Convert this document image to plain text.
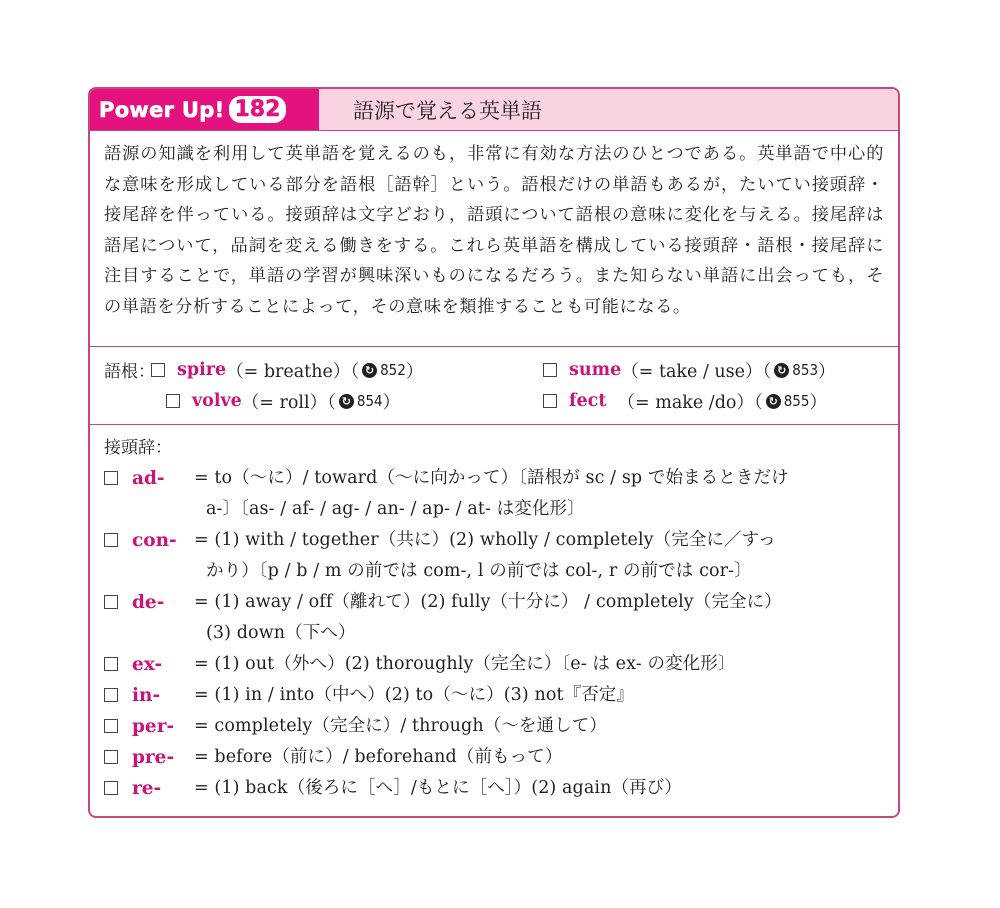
Power Up! 182	語源で覚える英単語
語源の知識を利用して英単語を覚えるのも，非常に有効な方法のひとつである。英単語で中心的な意味を形成している部分を語根［語幹］という。語根だけの単語もあるが，たいてい接頭辞・接尾辞を伴っている。接頭辞は文字どおり，語頭について語根の意味に変化を与える。接尾辞は語尾について，品詞を変える働きをする。これら英単語を構成している接頭辞・語根・接尾辞に注目することで，単語の学習が興味深いものになるだろう。また知らない単語に出会っても，その単語を分析することによって，その意味を類推することも可能になる。
語根： spire （= breathe）（ ↻ 852 ）	sume （= take / use）（ ↻ 853 ）
volve （= roll）（ ↻ 854 ）	fect （= make /do）（ ↻ 855 ）
接頭辞：
ad-	= to（～に）/ toward（～に向かって）〔語根が sc / sp で始まるときだけ
a-〕〔as- / af- / ag- / an- / ap- / at- は変化形〕
con- = (1) with / together（共に）(2) wholly / completely（完全に／すっ
かり）〔p / b / m の前では com-, l の前では col-, r の前では cor-〕
de-	= (1) away / off（離れて）(2) fully（十分に） / completely（完全に）
(3) down（下へ）
ex-	= (1) out（外へ）(2) thoroughly（完全に）〔e- は ex- の変化形〕
in-	= (1) in / into（中へ）(2) to（～に）(3) not『否定』
per-	= completely（完全に）/ through（～を通して）
pre-	= before（前に）/ beforehand（前もって）
re-	= (1) back（後ろに［へ］/もとに［へ］）(2) again（再び）
